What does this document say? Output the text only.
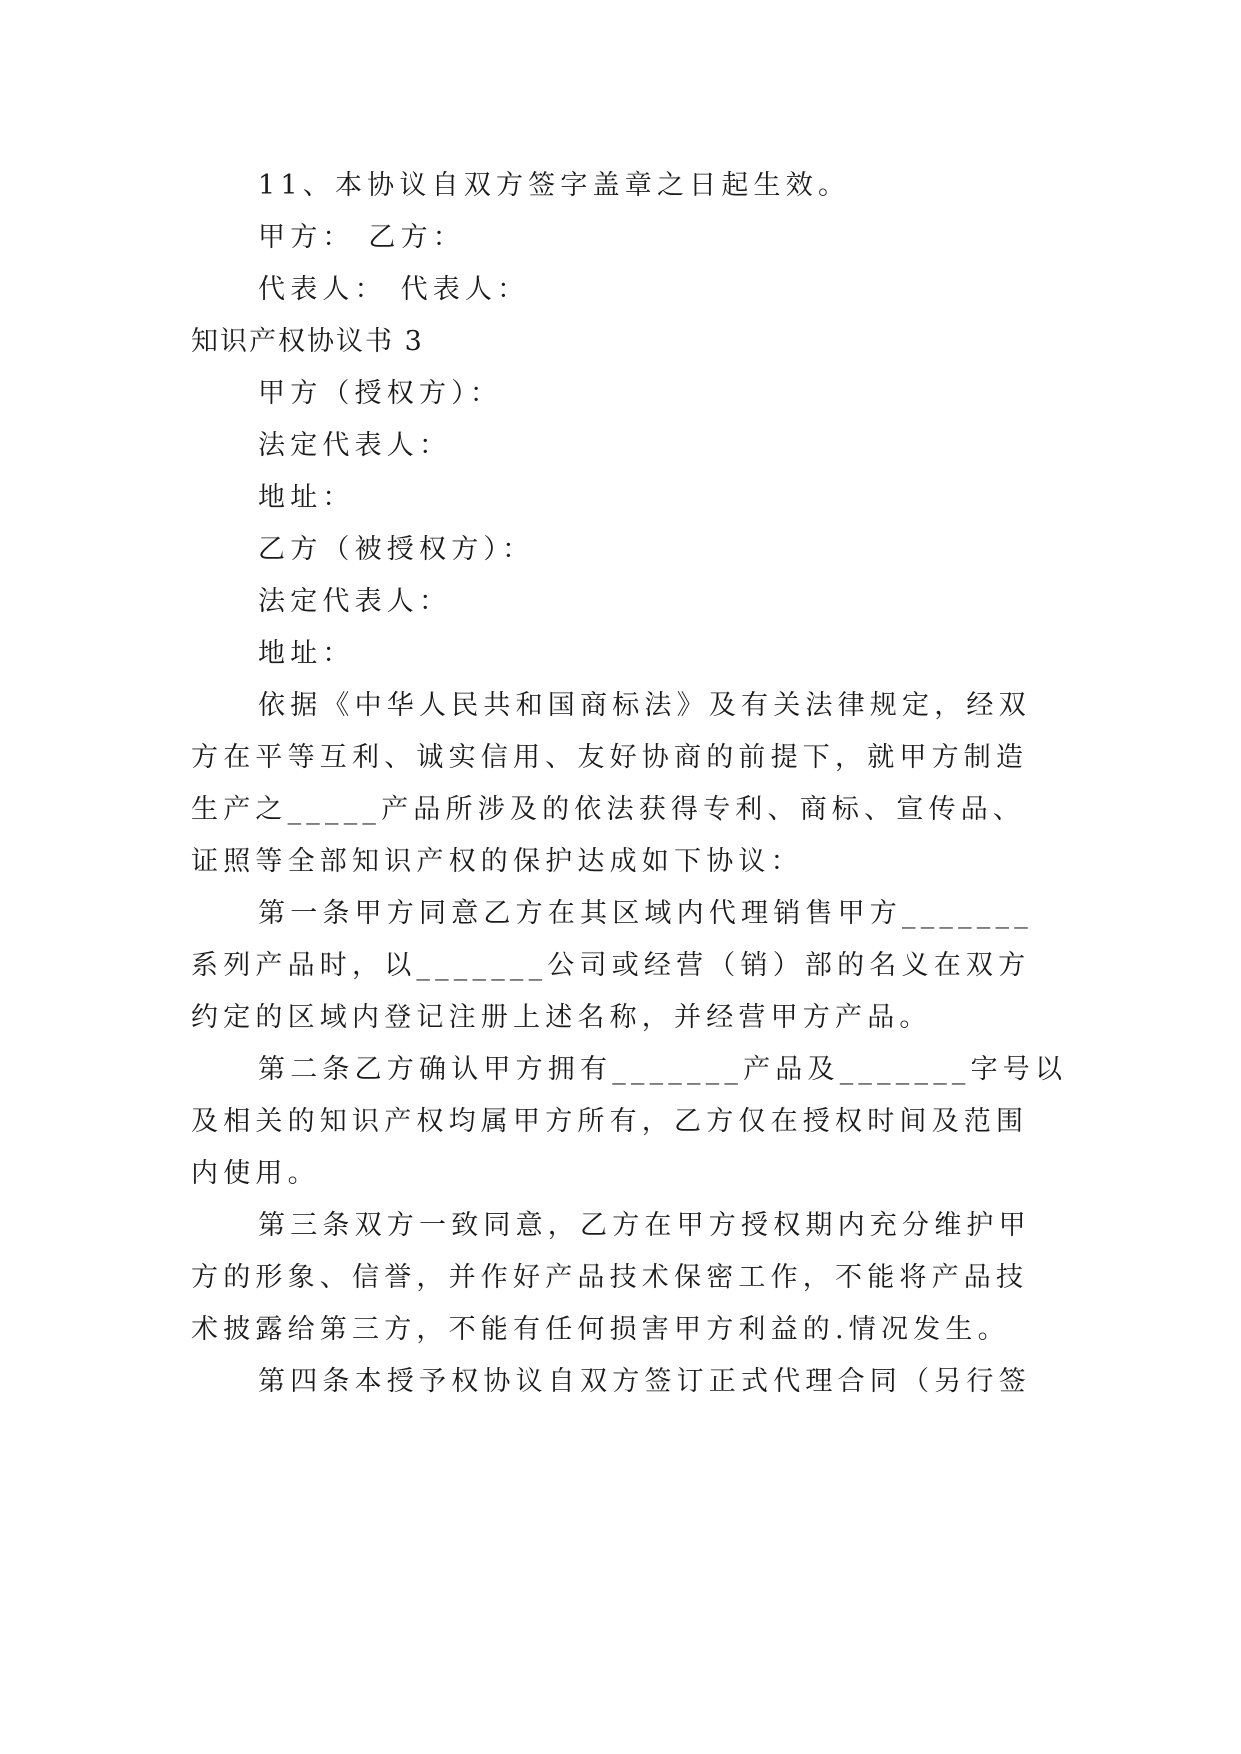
11、本协议自双方签字盖章之日起生效。

甲方： 乙方：

代表人： 代表人：

知识产权协议书 3

甲方（授权方）：

法定代表人：

地址：

乙方（被授权方）：

法定代表人：

地址：

依据《中华人民共和国商标法》及有关法律规定，经双

方在平等互利、诚实信用、友好协商的前提下，就甲方制造

生产之_____产品所涉及的依法获得专利、商标、宣传品、

证照等全部知识产权的保护达成如下协议：

第一条甲方同意乙方在其区域内代理销售甲方_______

系列产品时，以_______公司或经营（销）部的名义在双方

约定的区域内登记注册上述名称，并经营甲方产品。

第二条乙方确认甲方拥有_______产品及_______字号以

及相关的知识产权均属甲方所有，乙方仅在授权时间及范围

内使用。

第三条双方一致同意，乙方在甲方授权期内充分维护甲

方的形象、信誉，并作好产品技术保密工作，不能将产品技

术披露给第三方，不能有任何损害甲方利益的.情况发生。

第四条本授予权协议自双方签订正式代理合同（另行签
